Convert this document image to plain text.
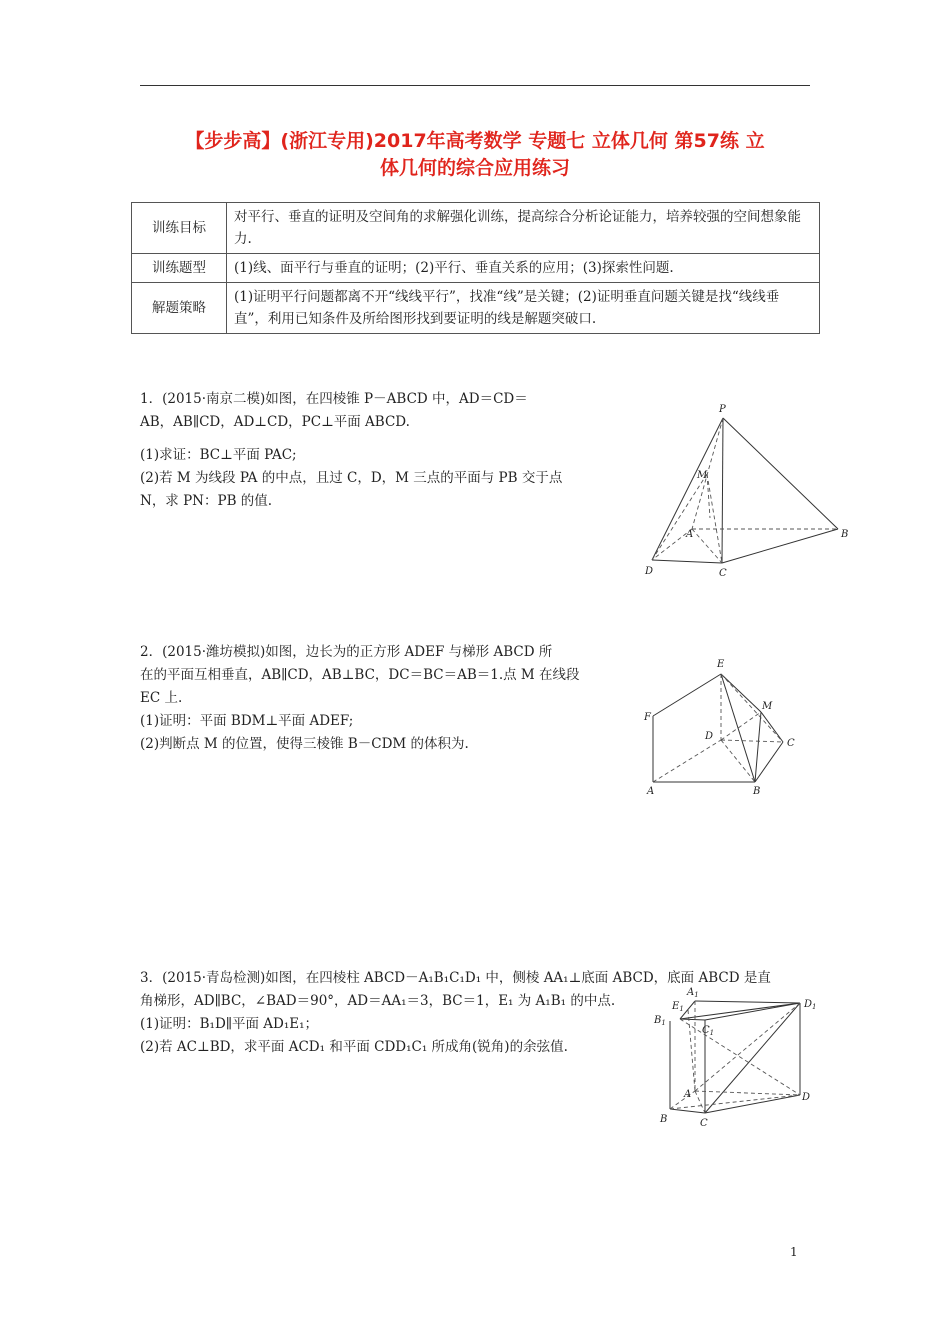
【步步高】(浙江专用)2017年高考数学 专题七 立体几何 第57练 立
体几何的综合应用练习
训练目标	对平行、垂直的证明及空间角的求解强化训练，提高综合分析论证能力，培养较强的空间想象能力.
训练题型	(1)线、面平行与垂直的证明；(2)平行、垂直关系的应用；(3)探索性问题.
解题策略	(1)证明平行问题都离不开“线线平行”，找准“线”是关键；(2)证明垂直问题关键是找“线线垂直”，利用已知条件及所给图形找到要证明的线是解题突破口.

1．(2015·南京二模)如图，在四棱锥 P－ABCD 中，AD＝CD＝

AB，AB∥CD，AD⊥CD，PC⊥平面 ABCD.

(1)求证：BC⊥平面 PAC;

(2)若 M 为线段 PA 的中点，且过 C，D，M 三点的平面与 PB 交于点

N，求 PN：PB 的值.

P
M
A	B
C
D

2．(2015·潍坊模拟)如图，边长为的正方形 ADEF 与梯形 ABCD 所

在的平面互相垂直，AB∥CD，AB⊥BC，DC＝BC＝AB＝1.点 M 在线段

EC 上.

(1)证明：平面 BDM⊥平面 ADEF;

(2)判断点 M 的位置，使得三棱锥 B－CDM 的体积为.

E
F
M
D
C
A	B

3．(2015·青岛检测)如图，在四棱柱 ABCD－A₁B₁C₁D₁ 中，侧棱 AA₁⊥底面 ABCD，底面 ABCD 是直

角梯形，AD∥BC，∠BAD＝90°，AD＝AA₁＝3，BC＝1，E₁ 为 A₁B₁ 的中点.

(1)证明：B₁D∥平面 AD₁E₁；

(2)若 AC⊥BD，求平面 ACD₁ 和平面 CDD₁C₁ 所成角(锐角)的余弦值.

$A_1$
$E_1$	$D_1$
$B_1$
$C_1$
A	D
B	C
1
